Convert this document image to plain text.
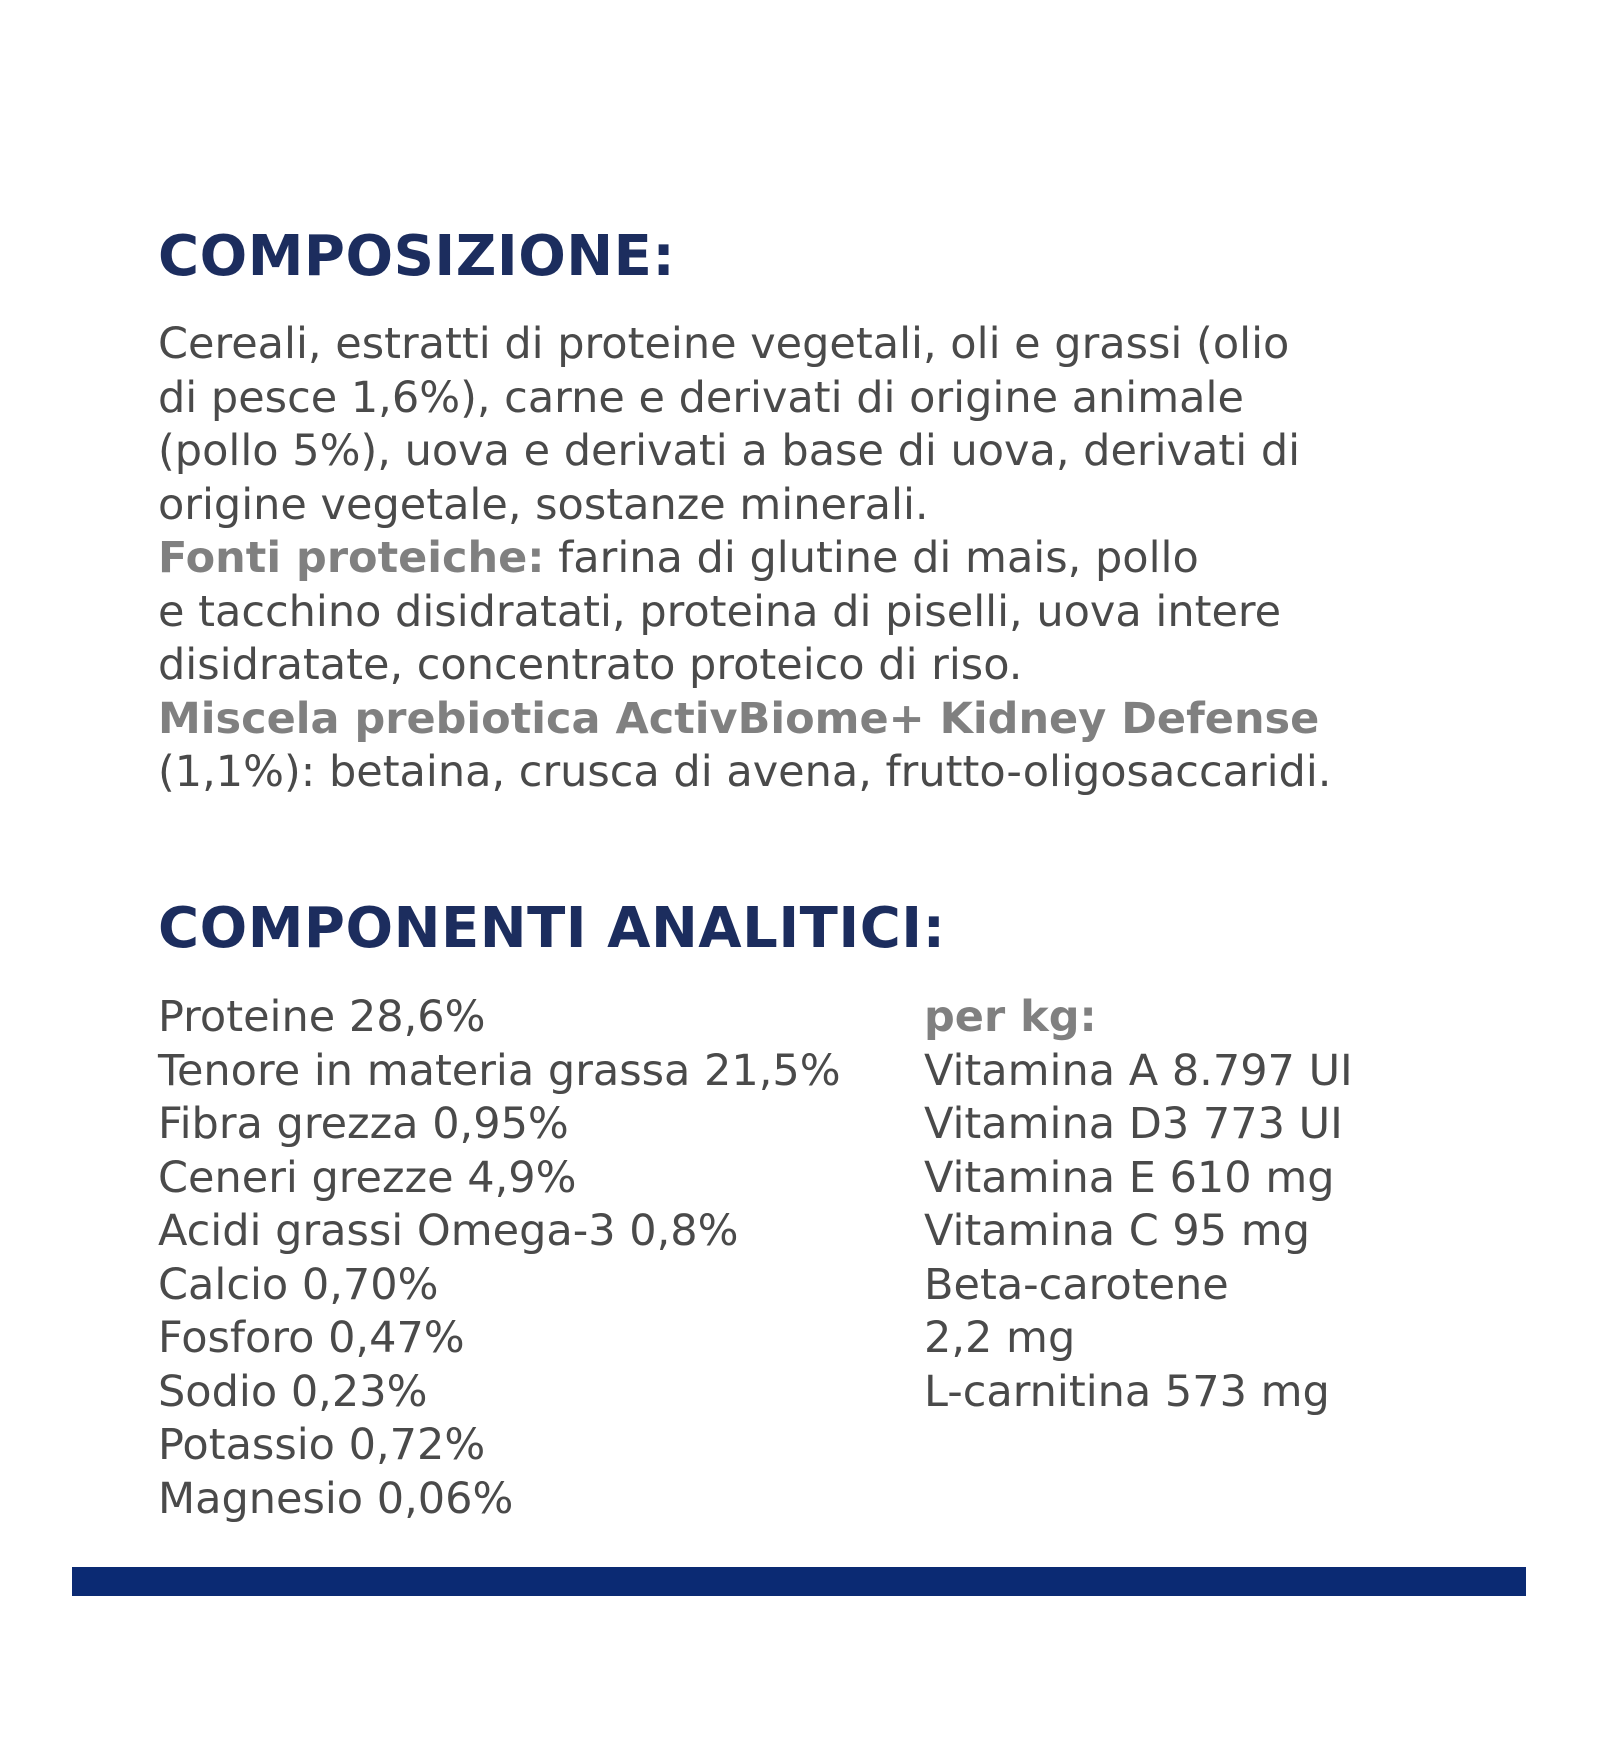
COMPOSIZIONE:
Cereali, estratti di proteine vegetali, oli e grassi (olio
di pesce 1,6%), carne e derivati di origine animale
(pollo 5%), uova e derivati a base di uova, derivati di
origine vegetale, sostanze minerali.
Fonti proteiche: farina di glutine di mais, pollo
e tacchino disidratati, proteina di piselli, uova intere
disidratate, concentrato proteico di riso.
Miscela prebiotica ActivBiome+ Kidney Defense
(1,1%): betaina, crusca di avena, frutto-oligosaccaridi.
COMPONENTI ANALITICI:
Proteine 28,6%
Tenore in materia grassa 21,5%
Fibra grezza 0,95%
Ceneri grezze 4,9%
Acidi grassi Omega-3 0,8%
Calcio 0,70%
Fosforo 0,47%
Sodio 0,23%
Potassio 0,72%
Magnesio 0,06%
per kg:
Vitamina A 8.797 UI
Vitamina D3 773 UI
Vitamina E 610 mg
Vitamina C 95 mg
Beta-carotene
2,2 mg
L-carnitina 573 mg
